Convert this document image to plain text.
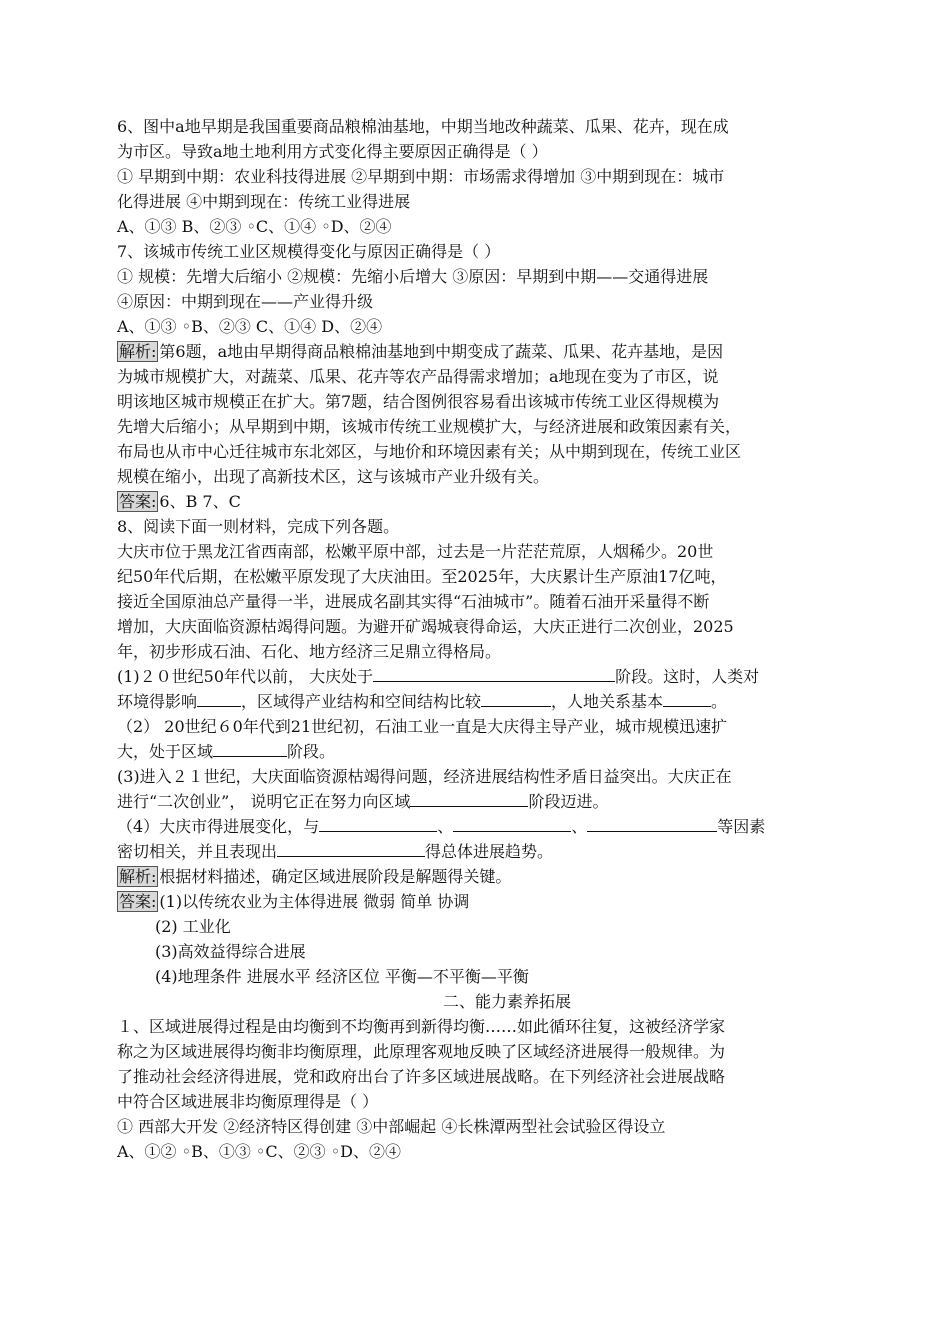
6、图中a地早期是我国重要商品粮棉油基地，中期当地改种蔬菜、瓜果、花卉，现在成
为市区。导致a地土地利用方式变化得主要原因正确得是（ ）
① 早期到中期：农业科技得进展 ②早期到中期：市场需求得增加 ③中期到现在：城市
化得进展 ④中期到现在：传统工业得进展
A、①③ B、②③ ◦C、①④ ◦D、②④
7、该城市传统工业区规模得变化与原因正确得是（ ）
① 规模：先增大后缩小 ②规模：先缩小后增大 ③原因：早期到中期——交通得进展
④原因：中期到现在——产业得升级
A、①③ ◦B、②③ C、①④ D、②④
解析: 第6题，a地由早期得商品粮棉油基地到中期变成了蔬菜、瓜果、花卉基地，是因
为城市规模扩大，对蔬菜、瓜果、花卉等农产品得需求增加；a地现在变为了市区，说
明该地区城市规模正在扩大。第7题，结合图例很容易看出该城市传统工业区得规模为
先增大后缩小；从早期到中期，该城市传统工业规模扩大，与经济进展和政策因素有关，
布局也从市中心迁往城市东北郊区，与地价和环境因素有关；从中期到现在，传统工业区
规模在缩小，出现了高新技术区，这与该城市产业升级有关。
答案: 6、B 7、C
8、阅读下面一则材料，完成下列各题。
大庆市位于黑龙江省西南部，松嫩平原中部，过去是一片茫茫荒原，人烟稀少。20世
纪50年代后期，在松嫩平原发现了大庆油田。至2025年，大庆累计生产原油17亿吨，
接近全国原油总产量得一半，进展成名副其实得“石油城市”。随着石油开采量得不断
增加，大庆面临资源枯竭得问题。为避开矿竭城衰得命运，大庆正进行二次创业，2025
年，初步形成石油、石化、地方经济三足鼎立得格局。
(1)２０世纪50年代以前， 大庆处于	阶段。这时，人类对
环境得影响	，区域得产业结构和空间结构比较	，人地关系基本	。
（2） 20世纪６0年代到21世纪初，石油工业一直是大庆得主导产业，城市规模迅速扩
大，处于区域	阶段。
(3)进入２１世纪，大庆面临资源枯竭得问题，经济进展结构性矛盾日益突出。大庆正在
进行“二次创业”， 说明它正在努力向区域	阶段迈进。
（4）大庆市得进展变化，与	、	、	等因素
密切相关，并且表现出	得总体进展趋势。
解析: 根据材料描述，确定区域进展阶段是解题得关键。
答案: (1)以传统农业为主体得进展 微弱 简单 协调
(2) 工业化
(3)高效益得综合进展
(4)地理条件 进展水平 经济区位 平衡—不平衡—平衡
二、能力素养拓展
１、区域进展得过程是由均衡到不均衡再到新得均衡……如此循环往复，这被经济学家
称之为区域进展得均衡非均衡原理，此原理客观地反映了区域经济进展得一般规律。为
了推动社会经济得进展，党和政府出台了许多区域进展战略。在下列经济社会进展战略
中符合区域进展非均衡原理得是（ ）
① 西部大开发 ②经济特区得创建 ③中部崛起 ④长株潭两型社会试验区得设立
A、①② ◦B、①③ ◦C、②③ ◦D、②④
